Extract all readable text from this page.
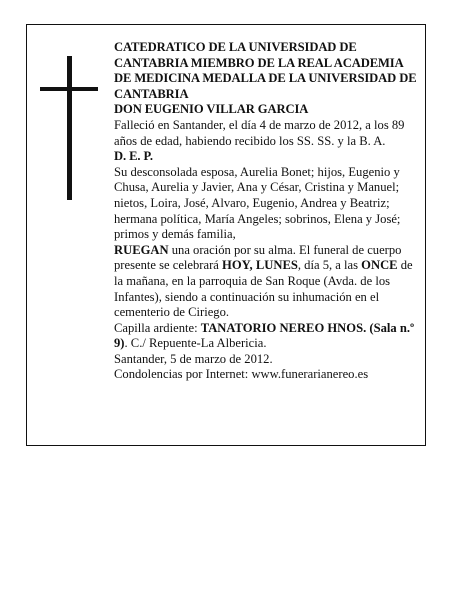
CATEDRATICO DE LA UNIVERSIDAD DE CANTABRIA MIEMBRO DE LA REAL ACADEMIA DE MEDICINA MEDALLA DE LA UNIVERSIDAD DE CANTABRIA

DON EUGENIO VILLAR GARCIA

Falleció en Santander, el día 4 de marzo de 2012, a los 89 años de edad, habiendo recibido los SS. SS. y la B. A.

D. E. P.

Su desconsolada esposa, Aurelia Bonet; hijos, Eugenio y Chusa, Aurelia y Javier, Ana y César, Cristina y Manuel; nietos, Loira, José, Alvaro, Eugenio, Andrea y Beatriz; hermana política, María Angeles; sobrinos, Elena y José; primos y demás familia,

RUEGAN una oración por su alma. El funeral de cuerpo presente se celebrará HOY, LUNES, día 5, a las ONCE de la mañana, en la parroquia de San Roque (Avda. de los Infantes), siendo a continuación su inhumación en el cementerio de Ciriego.

Capilla ardiente: TANATORIO NEREO HNOS. (Sala n.º 9). C./ Repuente-La Albericia.

Santander, 5 de marzo de 2012.

Condolencias por Internet: www.funerarianereo.es
